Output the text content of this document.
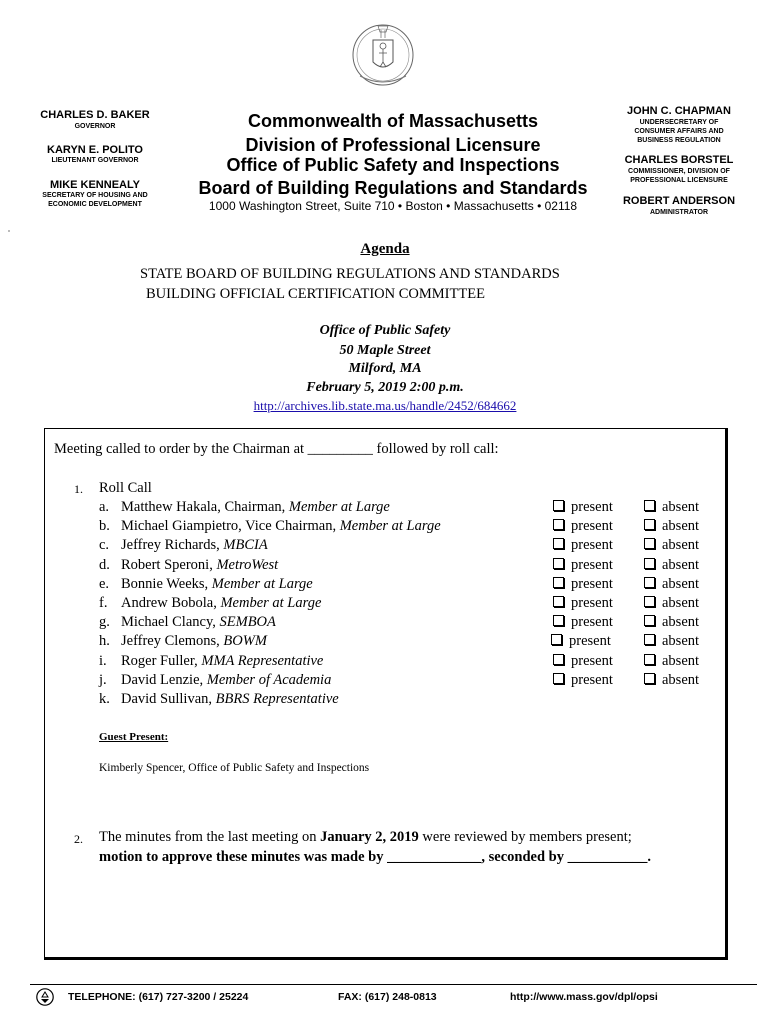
CHARLES D. BAKER
GOVERNOR
KARYN E. POLITO
LIEUTENANT GOVERNOR
MIKE KENNEALY
SECRETARY OF HOUSING AND
ECONOMIC DEVELOPMENT
Commonwealth of Massachusetts
Division of Professional Licensure
Office of Public Safety and Inspections
Board of Building Regulations and Standards
1000 Washington Street, Suite 710 • Boston • Massachusetts • 02118
JOHN C. CHAPMAN
UNDERSECRETARY OF
CONSUMER AFFAIRS AND
BUSINESS REGULATION
CHARLES BORSTEL
COMMISSIONER, DIVISION OF
PROFESSIONAL LICENSURE
ROBERT ANDERSON
ADMINISTRATOR
Agenda
STATE BOARD OF BUILDING REGULATIONS AND STANDARDS
BUILDING OFFICIAL CERTIFICATION COMMITTEE
Office of Public Safety
50 Maple Street
Milford, MA
February 5, 2019 2:00 p.m.
http://archives.lib.state.ma.us/handle/2452/684662
Meeting called to order by the Chairman at _________ followed by roll call:
1. Roll Call
a. Matthew Hakala, Chairman, Member at Large	present	absent
b. Michael Giampietro, Vice Chairman, Member at Large	present	absent
c. Jeffrey Richards, MBCIA	present	absent
d. Robert Speroni, MetroWest	present	absent
e. Bonnie Weeks, Member at Large	present	absent
f. Andrew Bobola, Member at Large	present	absent
g. Michael Clancy, SEMBOA	present	absent
h. Jeffrey Clemons, BOWM	present	absent
i. Roger Fuller, MMA Representative	present	absent
j. David Lenzie, Member of Academia	present	absent
k. David Sullivan, BBRS Representative
Guest Present:
Kimberly Spencer, Office of Public Safety and Inspections
2. The minutes from the last meeting on January 2, 2019 were reviewed by members present;
motion to approve these minutes was made by _____________, seconded by ___________.
TELEPHONE: (617) 727-3200 / 25224	FAX: (617) 248-0813	http://www.mass.gov/dpl/opsi
